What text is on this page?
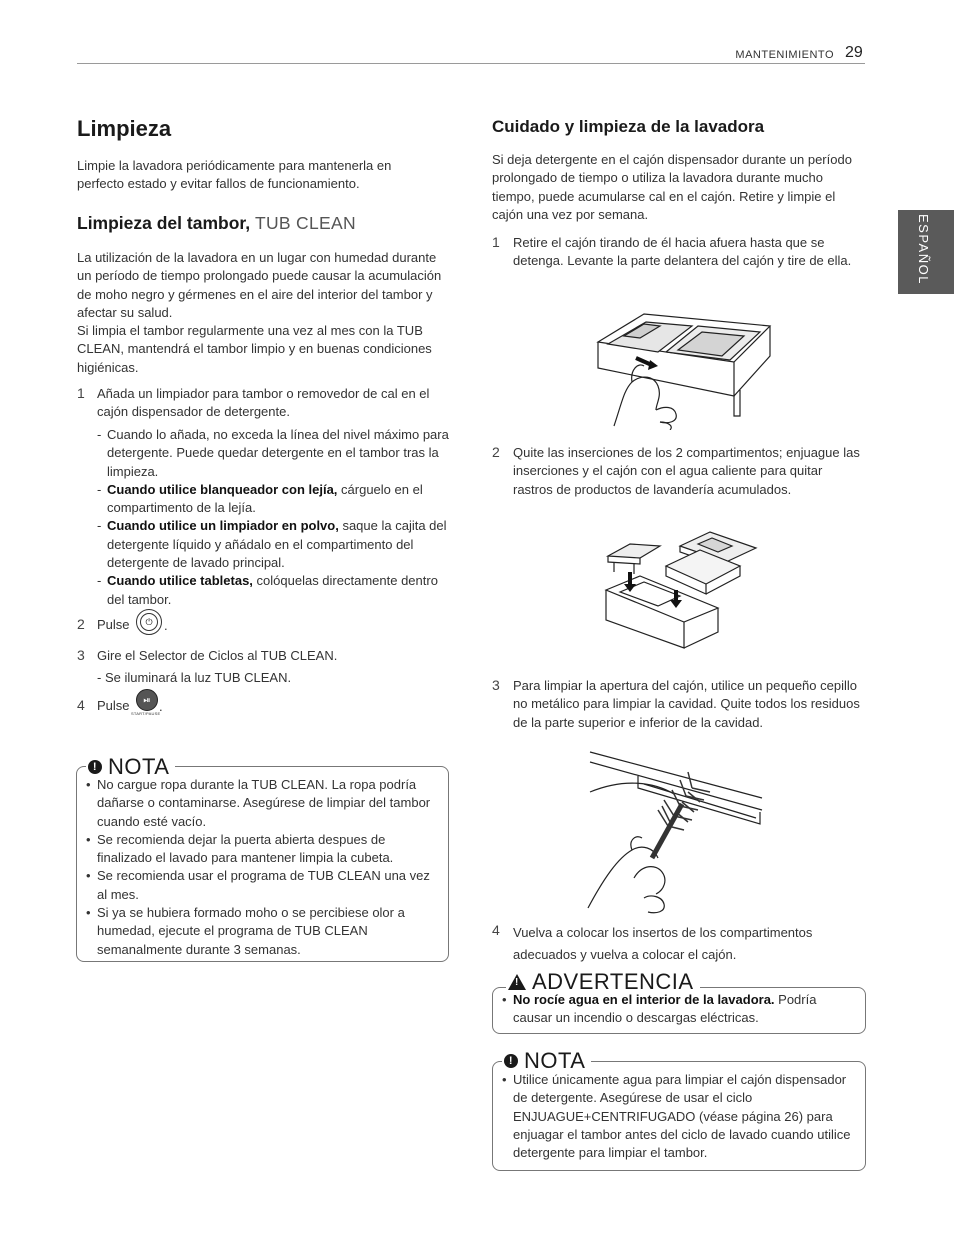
MANTENIMIENTO 29
ESPAÑOL
Limpieza
Limpie la lavadora periódicamente para mantenerla en perfecto estado y evitar fallos de funcionamiento.
Limpieza del tambor, TUB CLEAN
La utilización de la lavadora en un lugar con humedad durante un período de tiempo prolongado puede causar la acumulación de moho negro y gérmenes en el aire del interior del tambor y afectar su salud.
Si limpia el tambor regularmente una vez al mes con la TUB CLEAN, mantendrá el tambor limpio y en buenas condiciones higiénicas.
1 Añada un limpiador para tambor o removedor de cal en el cajón dispensador de detergente.
- Cuando lo añada, no exceda la línea del nivel máximo para detergente. Puede quedar detergente en el tambor tras la limpieza.
- Cuando utilice blanqueador con lejía, cárguelo en el compartimento de la lejía.
- Cuando utilice un limpiador en polvo, saque la cajita del detergente líquido y añádalo en el compartimento del detergente de lavado principal.
- Cuando utilice tabletas, colóquelas directamente dentro del tambor.
2 Pulse	⏻ .
3 Gire el Selector de Ciclos al TUB CLEAN.
- Se iluminará la luz TUB CLEAN.
4 Pulse	⏯
START/PAUSE
.
! NOTA
• No cargue ropa durante la TUB CLEAN. La ropa podría dañarse o contaminarse. Asegúrese de limpiar del tambor cuando esté vacío.
• Se recomienda dejar la puerta abierta despues de finalizado el lavado para mantener limpia la cubeta.
• Se recomienda usar el programa de TUB CLEAN una vez al mes.
• Si ya se hubiera formado moho o se percibiese olor a humedad, ejecute el programa de TUB CLEAN semanalmente durante 3 semanas.
Cuidado y limpieza de la lavadora
Si deja detergente en el cajón dispensador durante un período prolongado de tiempo o utiliza la lavadora durante mucho tiempo, puede acumularse cal en el cajón. Retire y limpie el cajón una vez por semana.
1 Retire el cajón tirando de él hacia afuera hasta que se detenga. Levante la parte delantera del cajón y tire de ella.
2 Quite las inserciones de los 2 compartimentos; enjuague las inserciones y el cajón con el agua caliente para quitar rastros de productos de lavandería acumulados.
3 Para limpiar la apertura del cajón, utilice un pequeño cepillo no metálico para limpiar la cavidad. Quite todos los residuos de la parte superior e inferior de la cavidad.
4 Vuelva a colocar los insertos de los compartimentos adecuados y vuelva a colocar el cajón.
! ADVERTENCIA
• No rocíe agua en el interior de la lavadora. Podría causar un incendio o descargas eléctricas.
! NOTA
• Utilice únicamente agua para limpiar el cajón dispensador de detergente. Asegúrese de usar el ciclo ENJUAGUE+CENTRIFUGADO (véase página 26) para enjuagar el tambor antes del ciclo de lavado cuando utilice detergente para limpiar el tambor.
